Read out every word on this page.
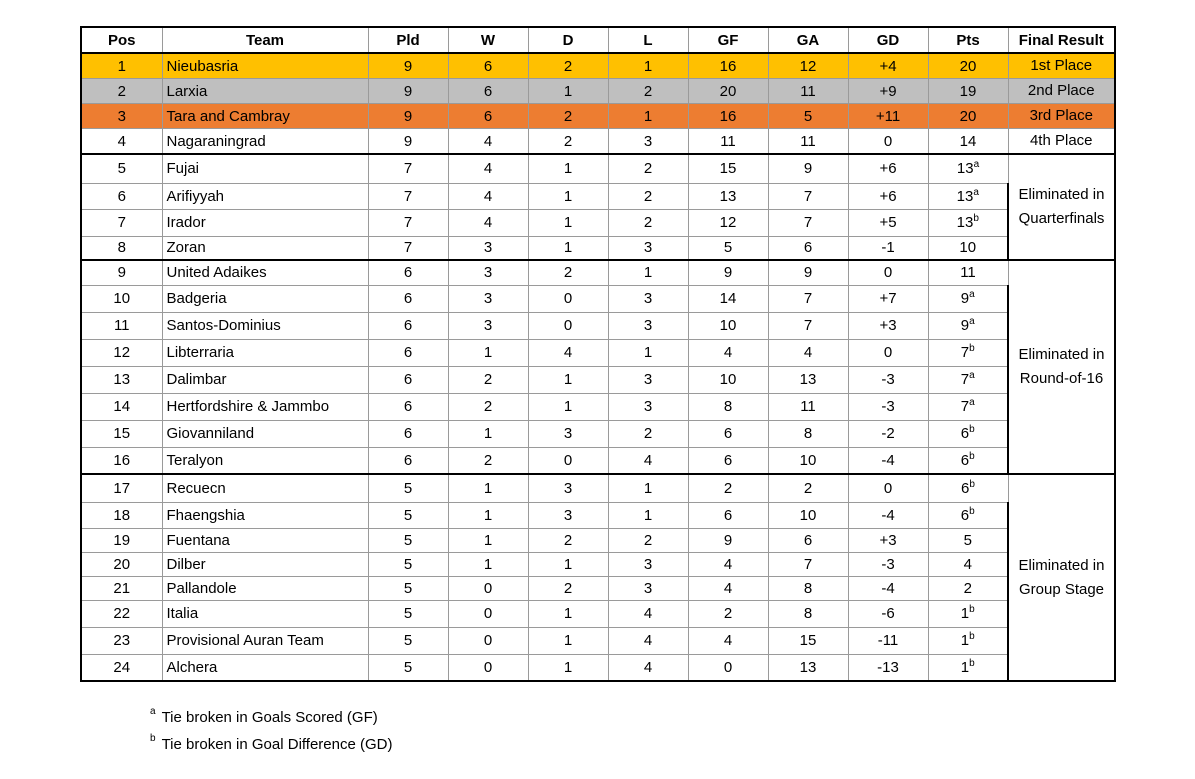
Pos	Team	Pld	W	D	L	GF	GA	GD	Pts	Final Result
1	Nieubasria	9	6	2	1	16	12	+4	20	1st Place
2	Larxia	9	6	1	2	20	11	+9	19	2nd Place
3	Tara and Cambray	9	6	2	1	16	5	+11	20	3rd Place
4	Nagaraningrad	9	4	2	3	11	11	0	14	4th Place
5	Fujai	7	4	1	2	15	9	+6	13$^a$	Eliminated in Quarterfinals
6	Arifiyyah	7	4	1	2	13	7	+6	13$^a$
7	Irador	7	4	1	2	12	7	+5	13$^b$
8	Zoran	7	3	1	3	5	6	-1	10	
9	United Adaikes	6	3	2	1	9	9	0	11	Eliminated in Round-of-16
10	Badgeria	6	3	0	3	14	7	+7	9$^a$
11	Santos-Dominius	6	3	0	3	10	7	+3	9$^a$
12	Libterraria	6	1	4	1	4	4	0	7$^b$
13	Dalimbar	6	2	1	3	10	13	-3	7$^a$
14	Hertfordshire & Jammbo	6	2	1	3	8	11	-3	7$^a$
15	Giovanniland	6	1	3	2	6	8	-2	6$^b$
16	Teralyon	6	2	0	4	6	10	-4	6$^b$
17	Recuecn	5	1	3	1	2	2	0	6$^b$	Eliminated in Group Stage
18	Fhaengshia	5	1	3	1	6	10	-4	6$^b$
19	Fuentana	5	1	2	2	9	6	+3	5	
20	Dilber	5	1	1	3	4	7	-3	4	
21	Pallandole	5	0	2	3	4	8	-4	2	
22	Italia	5	0	1	4	2	8	-6	1$^b$
23	Provisional Auran Team	5	0	1	4	4	15	-11	1$^b$
24	Alchera	5	0	1	4	0	13	-13	1$^b$
$^a$ Tie broken in Goals Scored (GF)
$^b$ Tie broken in Goal Difference (GD)
